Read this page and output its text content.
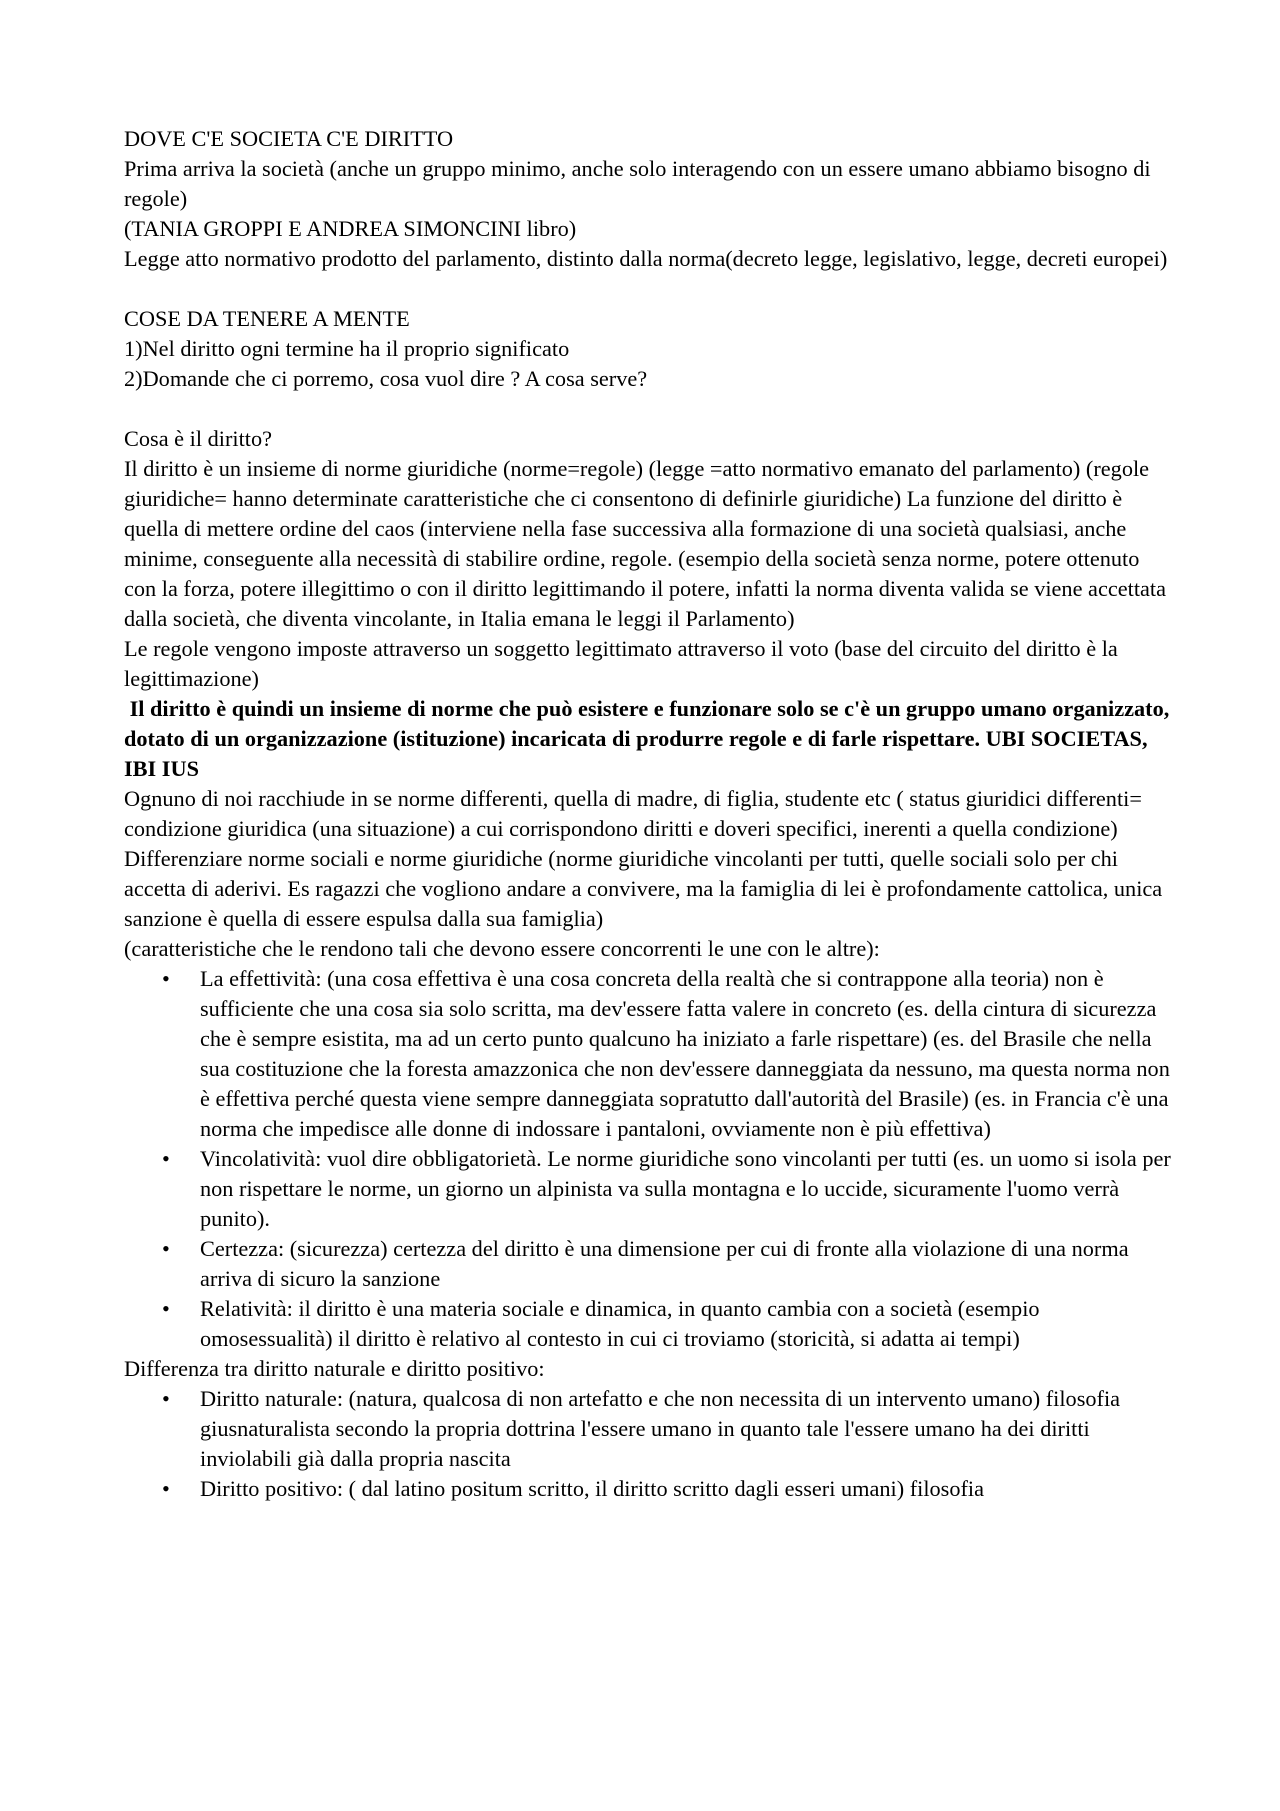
DOVE C'E SOCIETA C'E DIRITTO

Prima arriva la società (anche un gruppo minimo, anche solo interagendo con un essere umano abbiamo bisogno di regole)

(TANIA GROPPI E ANDREA SIMONCINI libro)

Legge atto normativo prodotto del parlamento, distinto dalla norma(decreto legge, legislativo, legge, decreti europei)

COSE DA TENERE A MENTE

1)Nel diritto ogni termine ha il proprio significato

2)Domande che ci porremo, cosa vuol dire ? A cosa serve?

Cosa è il diritto?

Il diritto è un insieme di norme giuridiche (norme=regole) (legge =atto normativo emanato del parlamento) (regole giuridiche= hanno determinate caratteristiche che ci consentono di definirle giuridiche) La funzione del diritto è quella di mettere ordine del caos (interviene nella fase successiva alla formazione di una società qualsiasi, anche minime, conseguente alla necessità di stabilire ordine, regole. (esempio della società senza norme, potere ottenuto con la forza, potere illegittimo o con il diritto legittimando il potere, infatti la norma diventa valida se viene accettata dalla società, che diventa vincolante, in Italia emana le leggi il Parlamento)

Le regole vengono imposte attraverso un soggetto legittimato attraverso il voto (base del circuito del diritto è la legittimazione)

Il diritto è quindi un insieme di norme che può esistere e funzionare solo se c'è un gruppo umano organizzato, dotato di un organizzazione (istituzione) incaricata di produrre regole e di farle rispettare. UBI SOCIETAS, IBI IUS

Ognuno di noi racchiude in se norme differenti, quella di madre, di figlia, studente etc ( status giuridici differenti= condizione giuridica (una situazione) a cui corrispondono diritti e doveri specifici, inerenti a quella condizione)

Differenziare norme sociali e norme giuridiche (norme giuridiche vincolanti per tutti, quelle sociali solo per chi accetta di aderivi. Es ragazzi che vogliono andare a convivere, ma la famiglia di lei è profondamente cattolica, unica sanzione è quella di essere espulsa dalla sua famiglia)

(caratteristiche che le rendono tali che devono essere concorrenti le une con le altre):

•	La effettività: (una cosa effettiva è una cosa concreta della realtà che si contrappone alla teoria) non è sufficiente che una cosa sia solo scritta, ma dev'essere fatta valere in concreto (es. della cintura di sicurezza che è sempre esistita, ma ad un certo punto qualcuno ha iniziato a farle rispettare) (es. del Brasile che nella sua costituzione che la foresta amazzonica che non dev'essere danneggiata da nessuno, ma questa norma non è effettiva perché questa viene sempre danneggiata sopratutto dall'autorità del Brasile) (es. in Francia c'è una norma che impedisce alle donne di indossare i pantaloni, ovviamente non è più effettiva)
•	Vincolatività: vuol dire obbligatorietà. Le norme giuridiche sono vincolanti per tutti (es. un uomo si isola per non rispettare le norme, un giorno un alpinista va sulla montagna e lo uccide, sicuramente l'uomo verrà punito).
•	Certezza: (sicurezza) certezza del diritto è una dimensione per cui di fronte alla violazione di una norma arriva di sicuro la sanzione
•	Relatività: il diritto è una materia sociale e dinamica, in quanto cambia con a società (esempio omosessualità) il diritto è relativo al contesto in cui ci troviamo (storicità, si adatta ai tempi)

Differenza tra diritto naturale e diritto positivo:

•	Diritto naturale: (natura, qualcosa di non artefatto e che non necessita di un intervento umano) filosofia giusnaturalista secondo la propria dottrina l'essere umano in quanto tale l'essere umano ha dei diritti inviolabili già dalla propria nascita
•	Diritto positivo: ( dal latino positum scritto, il diritto scritto dagli esseri umani) filosofia
